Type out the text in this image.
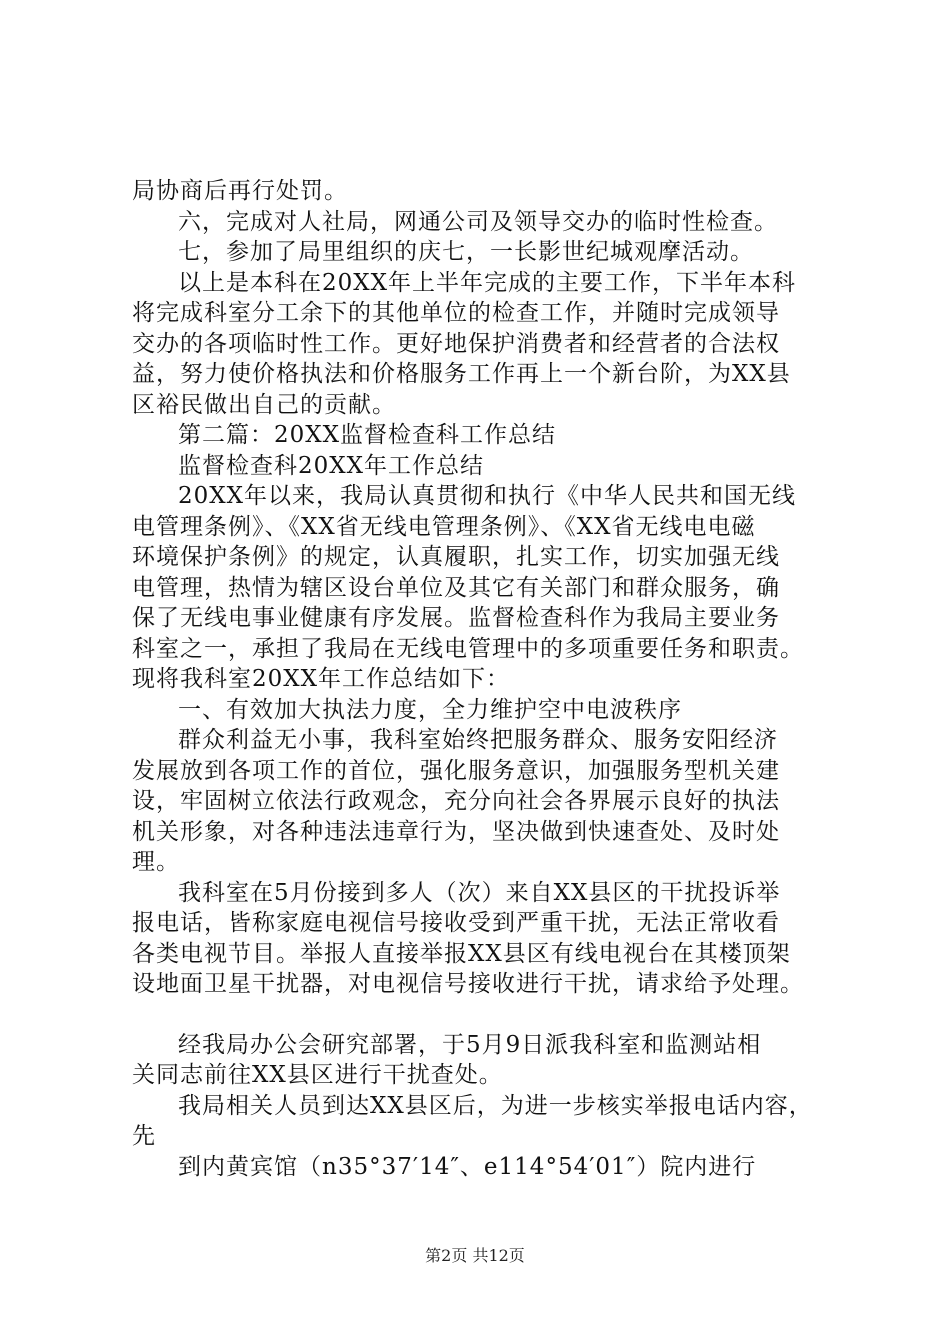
局协商后再行处罚。
六，完成对人社局，网通公司及领导交办的临时性检查。
七，参加了局里组织的庆七，一长影世纪城观摩活动。
以上是本科在20XX年上半年完成的主要工作，下半年本科
将完成科室分工余下的其他单位的检查工作，并随时完成领导
交办的各项临时性工作。更好地保护消费者和经营者的合法权
益，努力使价格执法和价格服务工作再上一个新台阶，为XX县
区裕民做出自己的贡献。
第二篇：20XX监督检查科工作总结
监督检查科20XX年工作总结
20XX年以来，我局认真贯彻和执行《中华人民共和国无线
电管理条例》、《XX省无线电管理条例》、《XX省无线电电磁
环境保护条例》的规定，认真履职，扎实工作，切实加强无线
电管理，热情为辖区设台单位及其它有关部门和群众服务，确
保了无线电事业健康有序发展。监督检查科作为我局主要业务
科室之一，承担了我局在无线电管理中的多项重要任务和职责。
现将我科室20XX年工作总结如下：
一、有效加大执法力度，全力维护空中电波秩序
群众利益无小事，我科室始终把服务群众、服务安阳经济
发展放到各项工作的首位，强化服务意识，加强服务型机关建
设，牢固树立依法行政观念，充分向社会各界展示良好的执法
机关形象，对各种违法违章行为，坚决做到快速查处、及时处
理。
我科室在5月份接到多人（次）来自XX县区的干扰投诉举
报电话，皆称家庭电视信号接收受到严重干扰，无法正常收看
各类电视节目。举报人直接举报XX县区有线电视台在其楼顶架
设地面卫星干扰器，对电视信号接收进行干扰，请求给予处理。
经我局办公会研究部署，于5月9日派我科室和监测站相
关同志前往XX县区进行干扰查处。
我局相关人员到达XX县区后，为进一步核实举报电话内容，
先
到内黄宾馆（n35°37′14″、e114°54′01″）院内进行
第2页 共12页
